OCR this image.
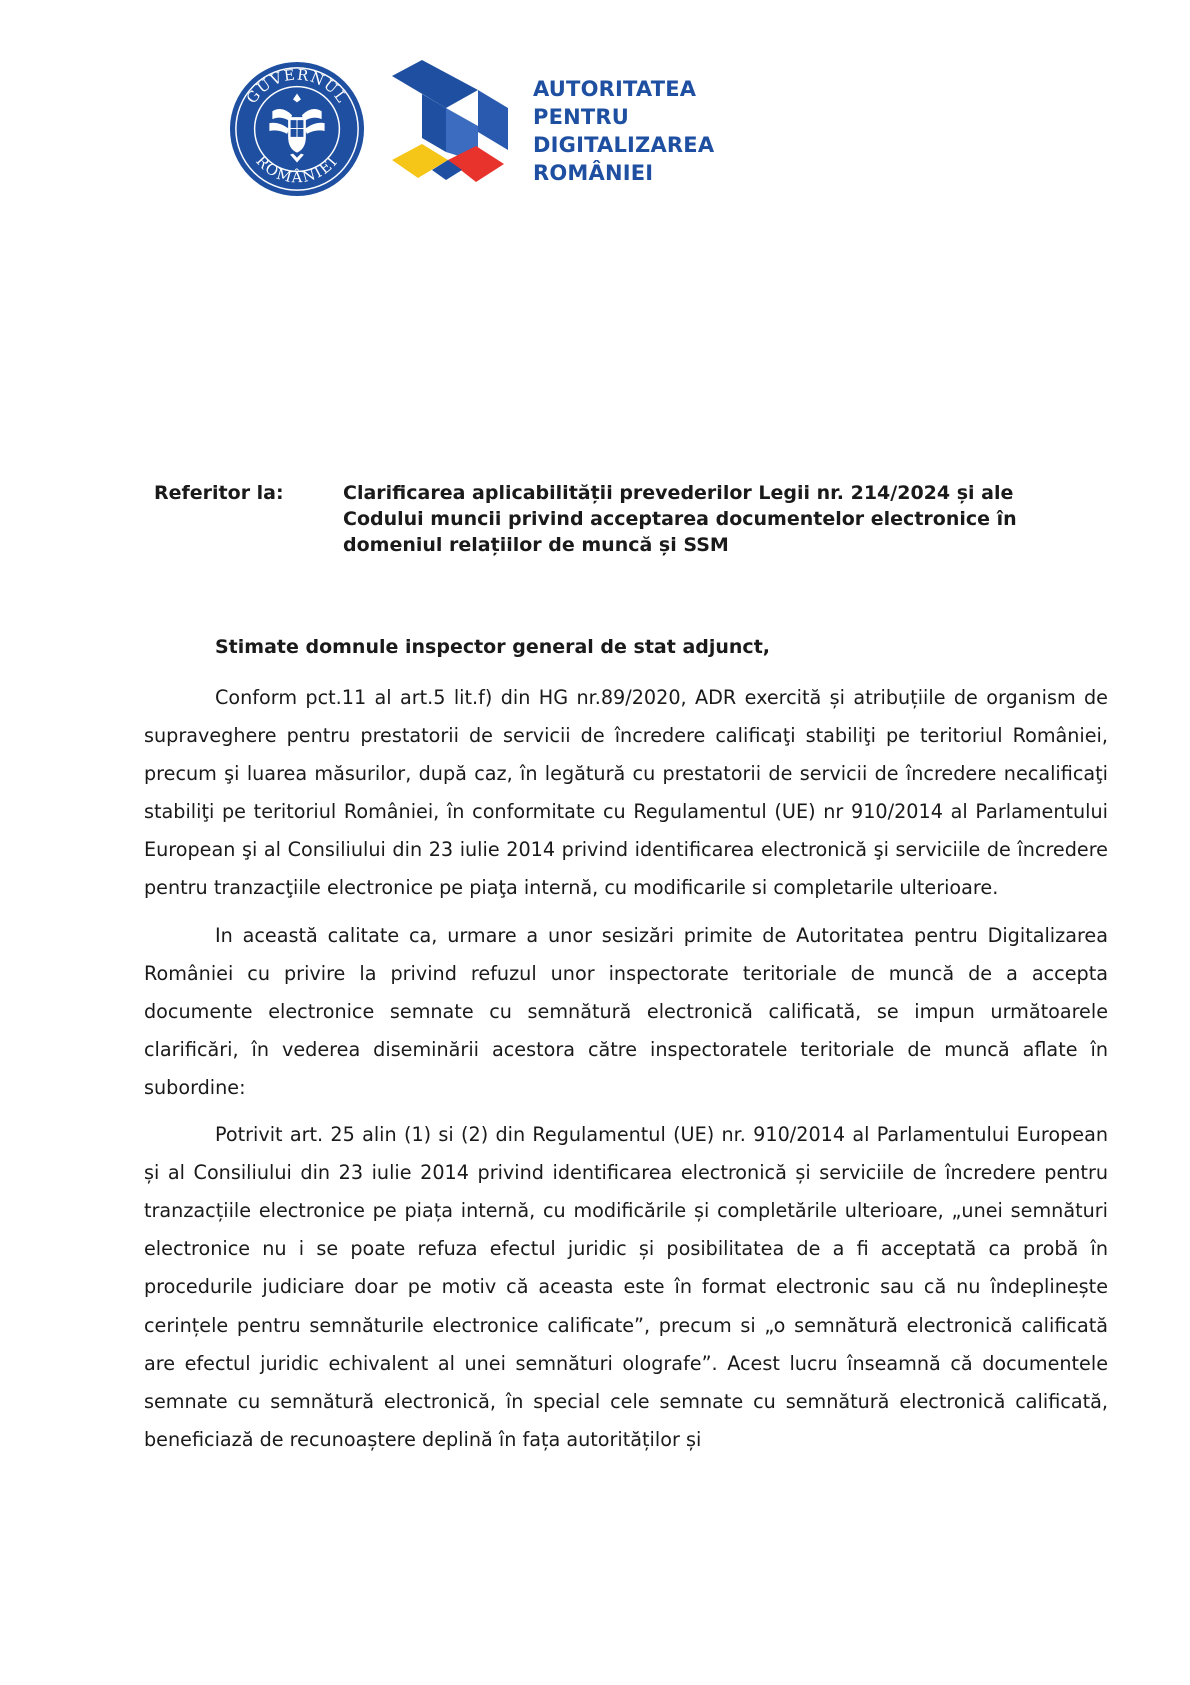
GUVERNUL
ROMÂNIEI
AUTORITATEA
PENTRU
DIGITALIZAREA
ROMÂNIEI
Referitor la:	Clarificarea aplicabilității prevederilor Legii nr. 214/2024 și ale Codului muncii privind acceptarea documentelor electronice în domeniul relațiilor de muncă și SSM
Stimate domnule inspector general de stat adjunct,

Conform pct.11 al art.5 lit.f) din HG nr.89/2020, ADR exercită și atribuțiile de organism de supraveghere pentru prestatorii de servicii de încredere calificaţi stabiliţi pe teritoriul României, precum şi luarea măsurilor, după caz, în legătură cu prestatorii de servicii de încredere necalificaţi stabiliţi pe teritoriul României, în conformitate cu Regulamentul (UE) nr 910/2014 al Parlamentului European şi al Consiliului din 23 iulie 2014 privind identificarea electronică şi serviciile de încredere pentru tranzacţiile electronice pe piaţa internă, cu modificarile si completarile ulterioare.

In această calitate ca, urmare a unor sesizări primite de Autoritatea pentru Digitalizarea României cu privire la privind refuzul unor inspectorate teritoriale de muncă de a accepta documente electronice semnate cu semnătură electronică calificată, se impun următoarele clarificări, în vederea diseminării acestora către inspectoratele teritoriale de muncă aflate în subordine:

Potrivit art. 25 alin (1) si (2) din Regulamentul (UE) nr. 910/2014 al Parlamentului European și al Consiliului din 23 iulie 2014 privind identificarea electronică și serviciile de încredere pentru tranzacțiile electronice pe piața internă, cu modificările și completările ulterioare, „unei semnături electronice nu i se poate refuza efectul juridic și posibilitatea de a fi acceptată ca probă în procedurile judiciare doar pe motiv că aceasta este în format electronic sau că nu îndeplinește cerințele pentru semnăturile electronice calificate”, precum si „o semnătură electronică calificată are efectul juridic echivalent al unei semnături olografe”. Acest lucru înseamnă că documentele semnate cu semnătură electronică, în special cele semnate cu semnătură electronică calificată, beneficiază de recunoaștere deplină în fața autorităților și
